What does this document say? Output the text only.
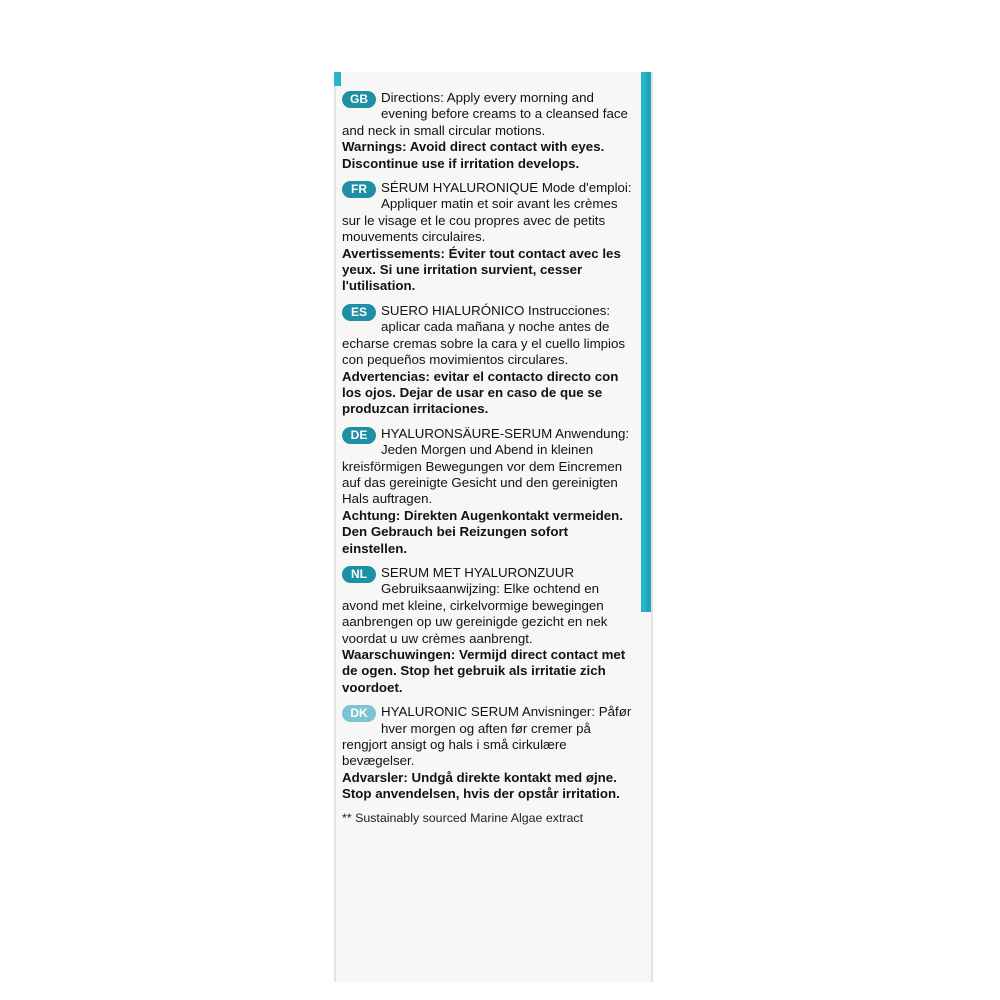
GB Directions: Apply every morning and evening before creams to a cleansed face and neck in small circular motions.

Warnings: Avoid direct contact with eyes. Discontinue use if irritation develops.

FR	SÉRUM HYALURONIQUE Mode d'emploi: Appliquer matin et soir avant les crèmes sur le visage et le cou propres avec de petits mouvements circulaires.

Avertissements: Éviter tout contact avec les yeux. Si une irritation survient, cesser l'utilisation.

ES	SUERO HIALURÓNICO Instrucciones: aplicar cada mañana y noche antes de echarse cremas sobre la cara y el cuello limpios con pequeños movimientos circulares.

Advertencias: evitar el contacto directo con los ojos. Dejar de usar en caso de que se produzcan irritaciones.

DE	HYALURONSÄURE-SERUM Anwendung: Jeden Morgen und Abend in kleinen kreisförmigen Bewegungen vor dem Eincremen auf das gereinigte Gesicht und den gereinigten Hals auftragen.

Achtung: Direkten Augenkontakt vermeiden. Den Gebrauch bei Reizungen sofort einstellen.

NL	SERUM MET HYALURONZUUR Gebruiksaanwijzing: Elke ochtend en avond met kleine, cirkelvormige bewegingen aanbrengen op uw gereinigde gezicht en nek voordat u uw crèmes aanbrengt.

Waarschuwingen: Vermijd direct contact met de ogen. Stop het gebruik als irritatie zich voordoet.

DK	HYALURONIC SERUM Anvisninger: Påfør hver morgen og aften før cremer på rengjort ansigt og hals i små cirkulære bevægelser.

Advarsler: Undgå direkte kontakt med øjne. Stop anvendelsen, hvis der opstår irritation.

** Sustainably sourced Marine Algae extract
